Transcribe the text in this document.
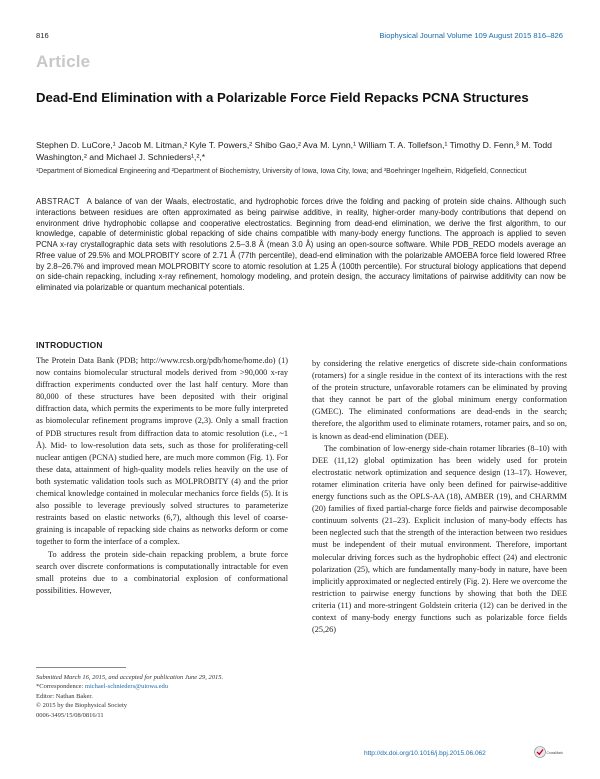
816	Biophysical Journal Volume 109 August 2015 816–826
Article
Dead-End Elimination with a Polarizable Force Field Repacks PCNA Structures
Stephen D. LuCore,¹ Jacob M. Litman,² Kyle T. Powers,² Shibo Gao,² Ava M. Lynn,¹ William T. A. Tollefson,¹ Timothy D. Fenn,³ M. Todd Washington,² and Michael J. Schnieders¹,²,*
¹Department of Biomedical Engineering and ²Department of Biochemistry, University of Iowa, Iowa City, Iowa; and ³Boehringer Ingelheim, Ridgefield, Connecticut
ABSTRACT A balance of van der Waals, electrostatic, and hydrophobic forces drive the folding and packing of protein side chains. Although such interactions between residues are often approximated as being pairwise additive, in reality, higher-order many-body contributions that depend on environment drive hydrophobic collapse and cooperative electrostatics. Beginning from dead-end elimination, we derive the first algorithm, to our knowledge, capable of deterministic global repacking of side chains compatible with many-body energy functions. The approach is applied to seven PCNA x-ray crystallographic data sets with resolutions 2.5–3.8 Å (mean 3.0 Å) using an open-source software. While PDB_REDO models average an Rfree value of 29.5% and MOLPROBITY score of 2.71 Å (77th percentile), dead-end elimination with the polarizable AMOEBA force field lowered Rfree by 2.8–26.7% and improved mean MOLPROBITY score to atomic resolution at 1.25 Å (100th percentile). For structural biology applications that depend on side-chain repacking, including x-ray refinement, homology modeling, and protein design, the accuracy limitations of pairwise additivity can now be eliminated via polarizable or quantum mechanical potentials.
INTRODUCTION

The Protein Data Bank (PDB; http://www.rcsb.org/pdb/home/home.do) (1) now contains biomolecular structural models derived from >90,000 x-ray diffraction experiments conducted over the last half century. More than 80,000 of these structures have been deposited with their original diffraction data, which permits the experiments to be more fully interpreted as biomolecular refinement programs improve (2,3). Only a small fraction of PDB structures result from diffraction data to atomic resolution (i.e., ~1 Å). Mid- to low-resolution data sets, such as those for proliferating-cell nuclear antigen (PCNA) studied here, are much more common (Fig. 1). For these data, attainment of high-quality models relies heavily on the use of both systematic validation tools such as MOLPROBITY (4) and the prior chemical knowledge contained in molecular mechanics force fields (5). It is also possible to leverage previously solved structures to parameterize restraints based on elastic networks (6,7), although this level of coarse-graining is incapable of repacking side chains as networks deform or come together to form the interface of a complex.

To address the protein side-chain repacking problem, a brute force search over discrete conformations is computationally intractable for even small proteins due to a combinatorial explosion of conformational possibilities. However,

by considering the relative energetics of discrete side-chain conformations (rotamers) for a single residue in the context of its interactions with the rest of the protein structure, unfavorable rotamers can be eliminated by proving that they cannot be part of the global minimum energy conformation (GMEC). The eliminated conformations are dead-ends in the search; therefore, the algorithm used to eliminate rotamers, rotamer pairs, and so on, is known as dead-end elimination (DEE).

The combination of low-energy side-chain rotamer libraries (8–10) with DEE (11,12) global optimization has been widely used for protein electrostatic network optimization and sequence design (13–17). However, rotamer elimination criteria have only been defined for pairwise-additive energy functions such as the OPLS-AA (18), AMBER (19), and CHARMM (20) families of fixed partial-charge force fields and pairwise decomposable continuum solvents (21–23). Explicit inclusion of many-body effects has been neglected such that the strength of the interaction between two residues must be independent of their mutual environment. Therefore, important molecular driving forces such as the hydrophobic effect (24) and electronic polarization (25), which are fundamentally many-body in nature, have been implicitly approximated or neglected entirely (Fig. 2). Here we overcome the restriction to pairwise energy functions by showing that both the DEE criteria (11) and more-stringent Goldstein criteria (12) can be derived in the context of many-body energy functions such as polarizable force fields (25,26)

Submitted March 16, 2015, and accepted for publication June 29, 2015.
*Correspondence: michael-schnieders@uiowa.edu
Editor: Nathan Baker.
© 2015 by the Biophysical Society
0006-3495/15/08/0816/11
http://dx.doi.org/10.1016/j.bpj.2015.06.062	CrossMark
